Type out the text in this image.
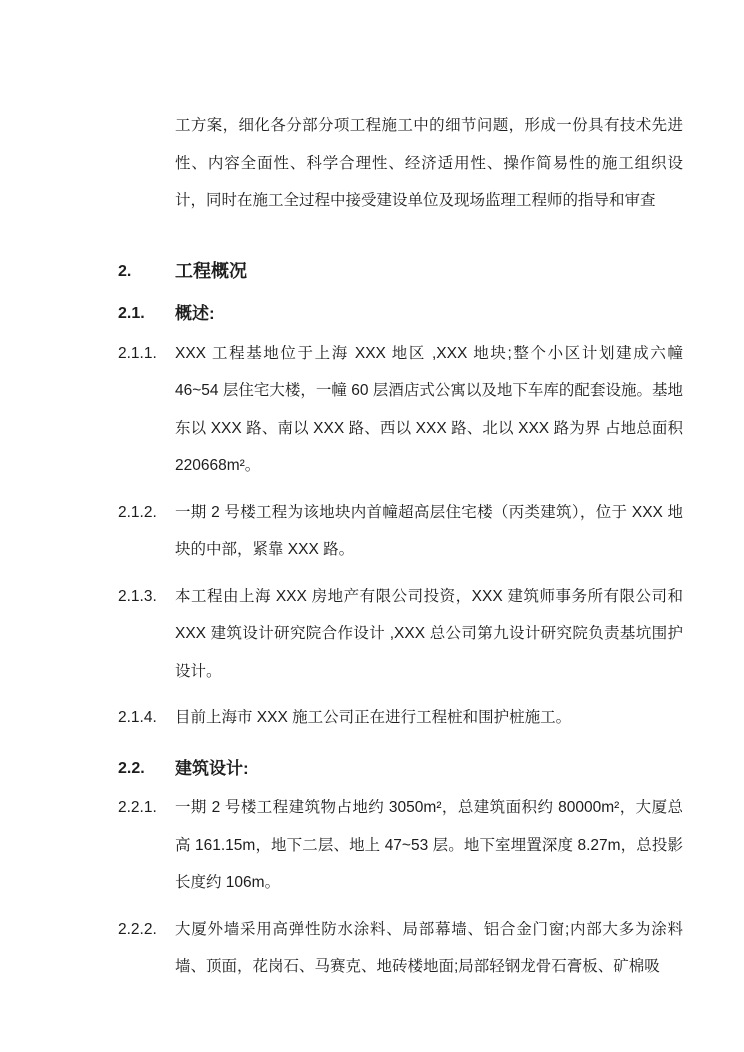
工方案，细化各分部分项工程施工中的细节问题，形成一份具有技术先进性、内容全面性、科学合理性、经济适用性、操作简易性的施工组织设计，同时在施工全过程中接受建设单位及现场监理工程师的指导和审查
2.	工程概况
2.1.	概述:
2.1.1.	XXX 工程基地位于上海 XXX 地区 ,XXX 地块;整个小区计划建成六幢 46~54 层住宅大楼，一幢 60 层酒店式公寓以及地下车库的配套设施。基地东以 XXX 路、南以 XXX 路、西以 XXX 路、北以 XXX 路为界 占地总面积 220668m²。
2.1.2.	一期 2 号楼工程为该地块内首幢超高层住宅楼（丙类建筑），位于 XXX 地块的中部，紧靠 XXX 路。
2.1.3.	本工程由上海 XXX 房地产有限公司投资，XXX 建筑师事务所有限公司和 XXX 建筑设计研究院合作设计 ,XXX 总公司第九设计研究院负责基坑围护设计。
2.1.4.	目前上海市 XXX 施工公司正在进行工程桩和围护桩施工。
2.2.	建筑设计:
2.2.1.	一期 2 号楼工程建筑物占地约 3050m²，总建筑面积约 80000m²，大厦总高 161.15m，地下二层、地上 47~53 层。地下室埋置深度 8.27m，总投影长度约 106m。
2.2.2.	大厦外墙采用高弹性防水涂料、局部幕墙、铝合金门窗;内部大多为涂料墙、顶面，花岗石、马赛克、地砖楼地面;局部轻钢龙骨石膏板、矿棉吸
